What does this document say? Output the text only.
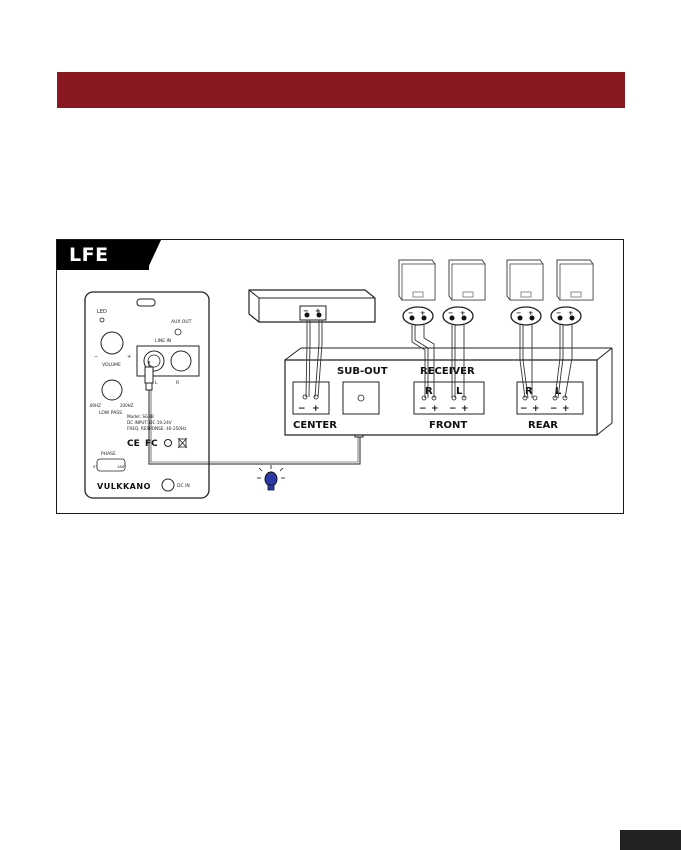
LFE
LED
AUX OUT
−	+
VOLUME
LINE IN
L	R
80HZ	200HZ
LOW PASS
Model: SG8B
DC INPUT: DC 19.24V
FREQ. RESPONSE: 40-250Hz
CE FC
PHASE
0°	180°
VULKKANO	DC IN
− +	− +	− +	− +	− +
SUB-OUT	RECEIVER
− +
CENTER
R L
− + − +
FRONT
R L
− + − +
REAR
